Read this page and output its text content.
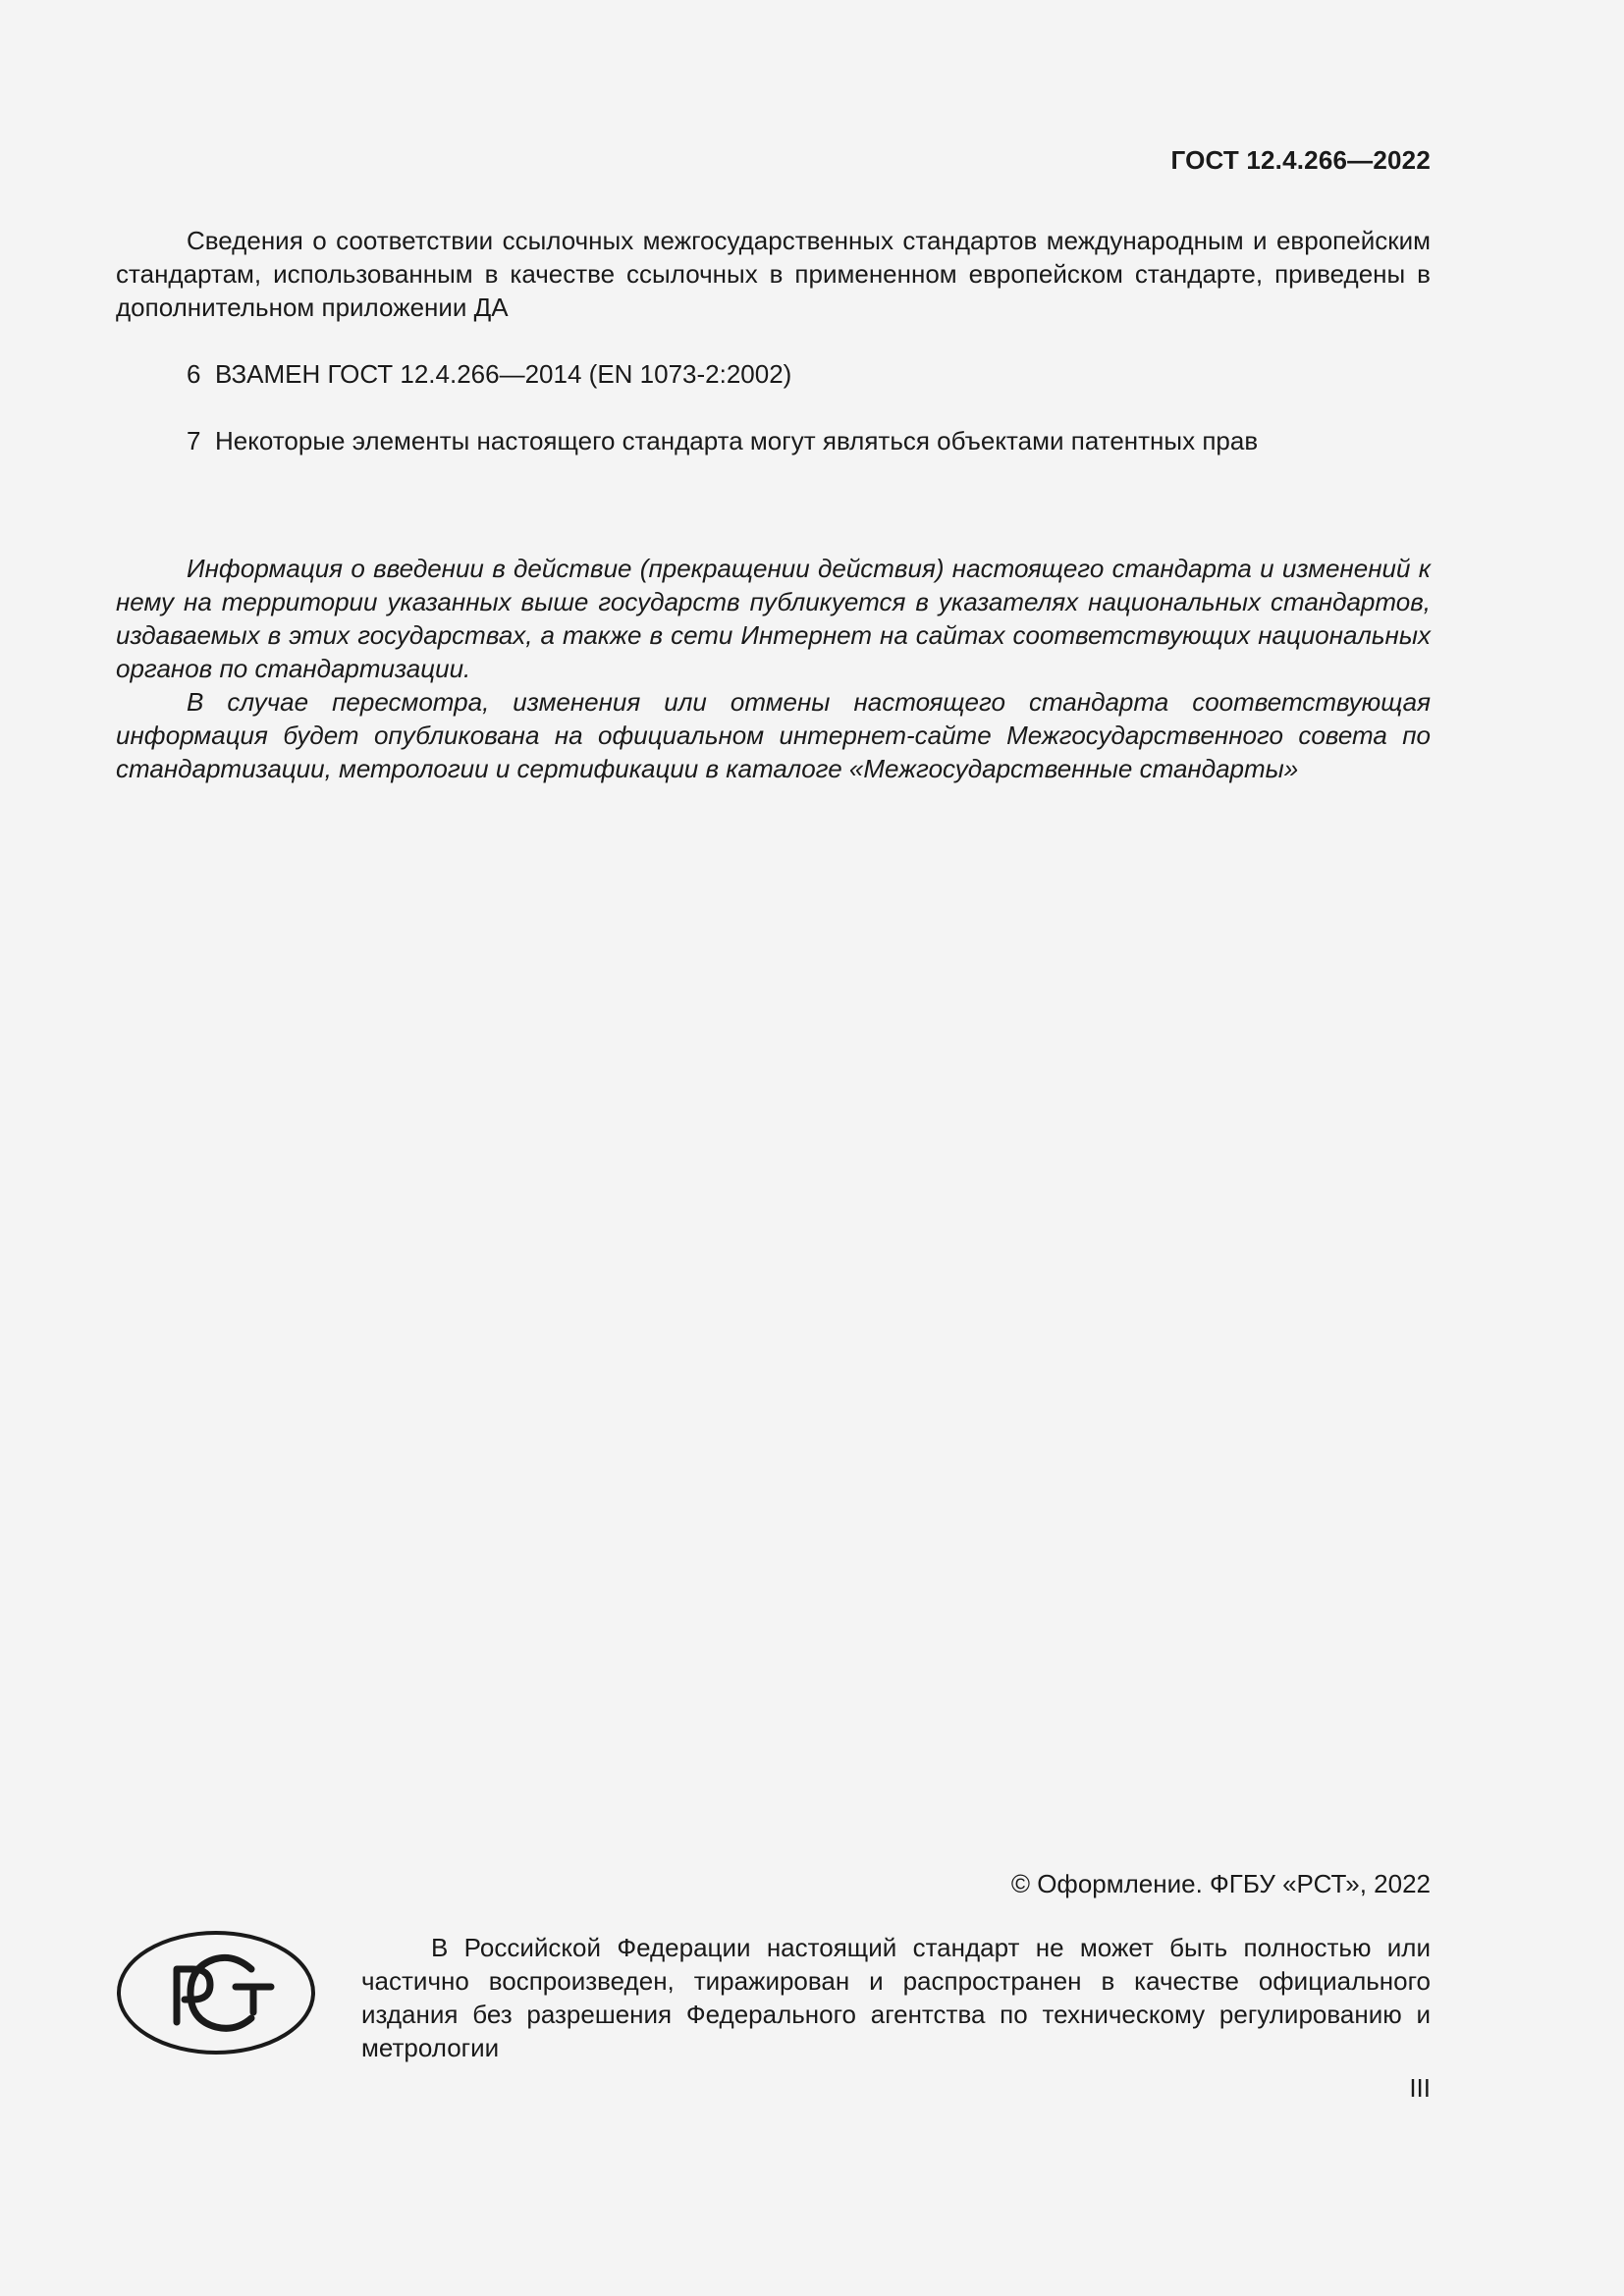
ГОСТ 12.4.266—2022

Сведения о соответствии ссылочных межгосударственных стандартов международным и европейским стандартам, использованным в качестве ссылочных в примененном европейском стандарте, приведены в дополнительном приложении ДА

6 ВЗАМЕН ГОСТ 12.4.266—2014 (EN 1073-2:2002)

7 Некоторые элементы настоящего стандарта могут являться объектами патентных прав

Информация о введении в действие (прекращении действия) настоящего стандарта и изменений к нему на территории указанных выше государств публикуется в указателях национальных стандартов, издаваемых в этих государствах, а также в сети Интернет на сайтах соответствующих национальных органов по стандартизации.

В случае пересмотра, изменения или отмены настоящего стандарта соответствующая информация будет опубликована на официальном интернет-сайте Межгосударственного совета по стандартизации, метрологии и сертификации в каталоге «Межгосударственные стандарты»

© Оформление. ФГБУ «РСТ», 2022

В Российской Федерации настоящий стандарт не может быть полностью или частично воспроизведен, тиражирован и распространен в качестве официального издания без разрешения Федерального агентства по техническому регулированию и метрологии

III
